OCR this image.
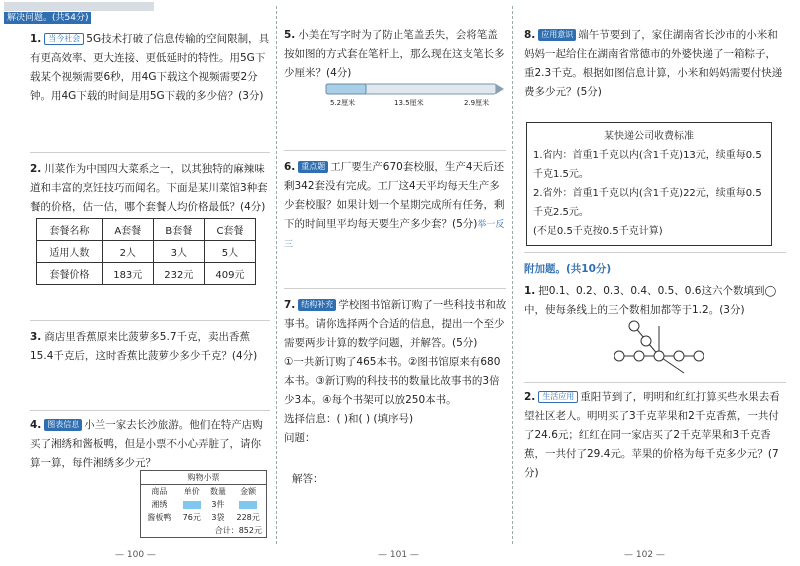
解决问题。(共54分)
1. 当今社会 5G技术打破了信息传输的空间限制，具有更高效率、更大连接、更低延时的特性。用5G下载某个视频需要6秒，用4G下载这个视频需要2分钟。用4G下载的时间是用5G下载的多少倍？(3分)
2. 川菜作为中国四大菜系之一，以其独特的麻辣味道和丰富的烹饪技巧而闻名。下面是某川菜馆3种套餐的价格，估一估，哪个套餐人均价格最低？(4分)
套餐名称	A套餐	B套餐	C套餐
适用人数	2人	3人	5人
套餐价格	183元	232元	409元
3. 商店里香蕉原来比菠萝多5.7千克，卖出香蕉15.4千克后，这时香蕉比菠萝少多少千克？(4分)
4. 图表信息 小兰一家去长沙旅游。他们在特产店购买了湘绣和酱板鸭，但是小票不小心弄脏了，请你算一算，每件湘绣多少元？
购物小票
商品	单价	数量	金额
湘绣		3件	
酱板鸭	76元	3袋	228元
合计：852元			
— 100 —
5. 小美在写字时为了防止笔盖丢失，会将笔盖按如图的方式套在笔杆上，那么现在这支笔长多少厘米？(4分)
5.2厘米	13.5厘米	2.9厘米
6. 重点题 工厂要生产670套校服，生产4天后还剩342套没有完成。工厂这4天平均每天生产多少套校服？如果计划一个星期完成所有任务，剩下的时间里平均每天要生产多少套？(5分)举一反三
7. 结构补充 学校图书馆新订购了一些科技书和故事书。请你选择两个合适的信息，提出一个至少需要两步计算的数学问题，并解答。(5分)
①一共新订购了465本书。②图书馆原来有680本书。③新订购的科技书的数量比故事书的3倍少3本。④每个书架可以放250本书。
选择信息：( )和( ) (填序号)
问题：
解答：
— 101 —
8. 应用意识 端午节要到了，家住湖南省长沙市的小米和妈妈一起给住在湖南省常德市的外婆快递了一箱粽子，重2.3千克。根据如图信息计算，小米和妈妈需要付快递费多少元？(5分)
某快递公司收费标准
1.省内：首重1千克以内(含1千克)13元，续重每0.5千克1.5元。
2.省外：首重1千克以内(含1千克)22元，续重每0.5千克2.5元。
(不足0.5千克按0.5千克计算)
附加题。(共10分)
1. 把0.1、0.2、0.3、0.4、0.5、0.6这六个数填到◯中，使每条线上的三个数相加都等于1.2。(3分)
2. 生活应用 重阳节到了，明明和红红打算买些水果去看望社区老人。明明买了3千克苹果和2千克香蕉，一共付了24.6元；红红在同一家店买了2千克苹果和3千克香蕉，一共付了29.4元。苹果的价格为每千克多少元？(7分)
— 102 —
